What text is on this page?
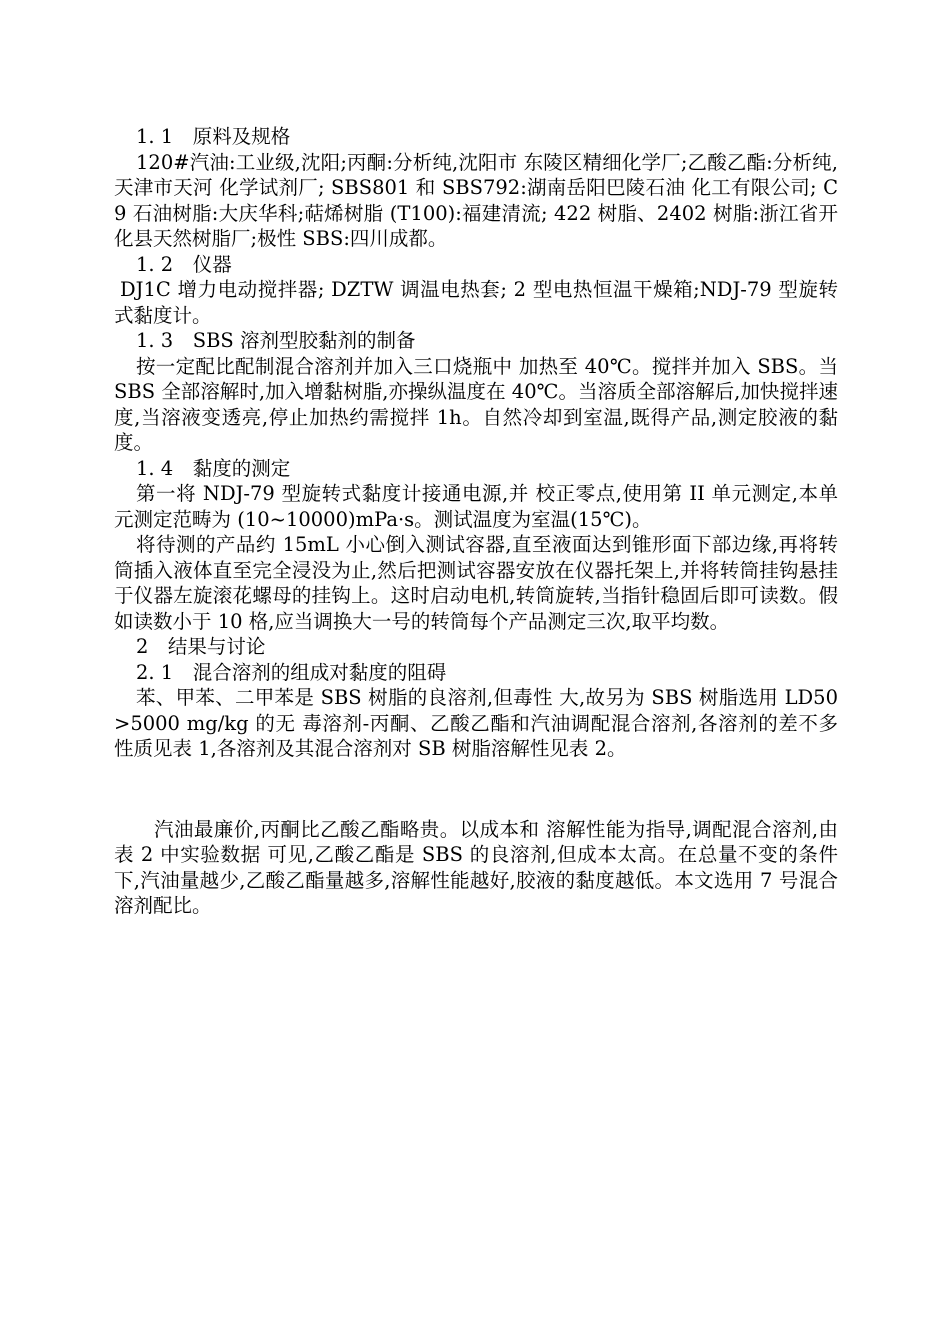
1. 1　原料及规格

120#汽油:工业级,沈阳;丙酮:分析纯,沈阳市 东陵区精细化学厂;乙酸乙酯:分析纯,天津市天河 化学试剂厂; SBS801 和 SBS792:湖南岳阳巴陵石油 化工有限公司; C9 石油树脂:大庆华科;萜烯树脂 (T100):福建清流; 422 树脂、2402 树脂:浙江省开 化县天然树脂厂;极性 SBS:四川成都。

1. 2　仪器

DJ1C 增力电动搅拌器; DZTW 调温电热套; 2 型电热恒温干燥箱;NDJ-79 型旋转式黏度计。

1. 3　SBS 溶剂型胶黏剂的制备

按一定配比配制混合溶剂并加入三口烧瓶中 加热至 40℃。搅拌并加入 SBS。当 SBS 全部溶解时,加入增黏树脂,亦操纵温度在 40℃。当溶质全部溶解后,加快搅拌速度,当溶液变透亮,停止加热约需搅拌 1h。自然冷却到室温,既得产品,测定胶液的黏度。

1. 4　黏度的测定

第一将 NDJ-79 型旋转式黏度计接通电源,并 校正零点,使用第 II 单元测定,本单元测定范畴为 (10~10000)mPa·s。测试温度为室温(15℃)。

将待测的产品约 15mL 小心倒入测试容器,直至液面达到锥形面下部边缘,再将转筒插入液体直至完全浸没为止,然后把测试容器安放在仪器托架上,并将转筒挂钩悬挂于仪器左旋滚花螺母的挂钩上。这时启动电机,转筒旋转,当指针稳固后即可读数。假如读数小于 10 格,应当调换大一号的转筒每个产品测定三次,取平均数。

2　结果与讨论

2. 1　混合溶剂的组成对黏度的阻碍

苯、甲苯、二甲苯是 SBS 树脂的良溶剂,但毒性 大,故另为 SBS 树脂选用 LD50 >5000 mg/kg 的无 毒溶剂-丙酮、乙酸乙酯和汽油调配混合溶剂,各溶剂的差不多性质见表 1,各溶剂及其混合溶剂对 SB 树脂溶解性见表 2。

汽油最廉价,丙酮比乙酸乙酯略贵。以成本和 溶解性能为指导,调配混合溶剂,由表 2 中实验数据 可见,乙酸乙酯是 SBS 的良溶剂,但成本太高。在总量不变的条件下,汽油量越少,乙酸乙酯量越多,溶解性能越好,胶液的黏度越低。本文选用 7 号混合溶剂配比。
